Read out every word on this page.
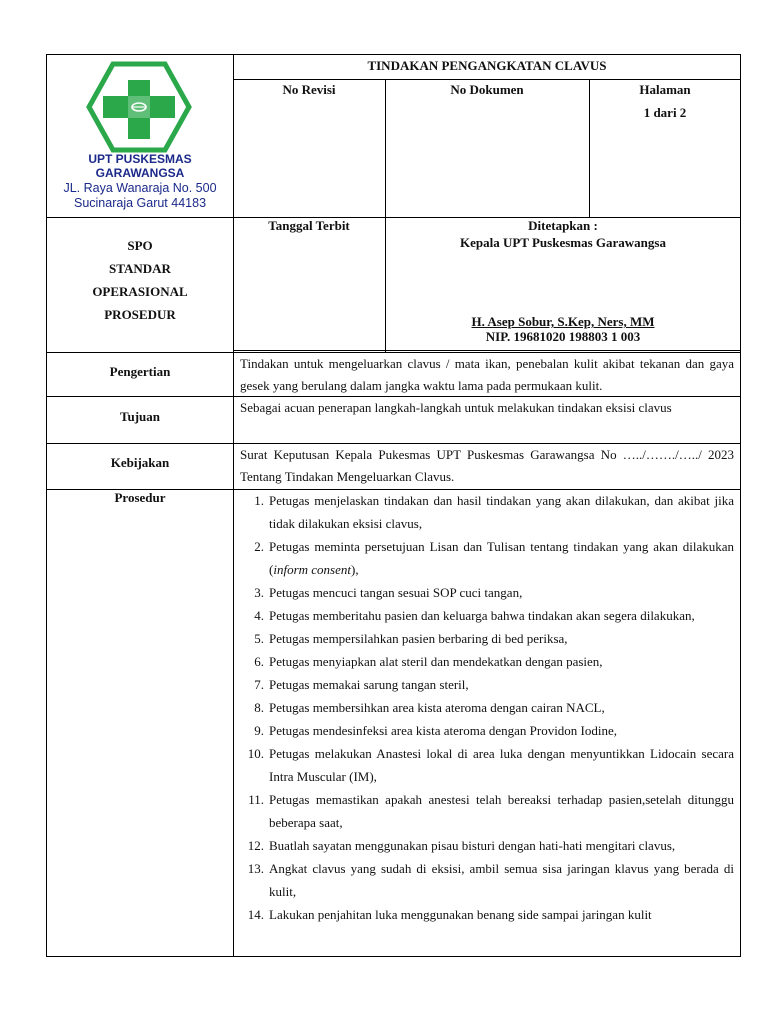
TINDAKAN PENGANGKATAN CLAVUS
No Revisi	No Dokumen	Halaman
1 dari 2
UPT PUSKESMAS
GARAWANGSA
JL. Raya Wanaraja No. 500
Sucinaraja Garut 44183
SPO
STANDAR
OPERASIONAL
PROSEDUR
Tanggal Terbit	Ditetapkan :
Kepala UPT Puskesmas Garawangsa
H. Asep Sobur, S.Kep, Ners, MM
NIP. 19681020 198803 1 003
Pengertian
Tindakan untuk mengeluarkan clavus / mata ikan, penebalan kulit akibat tekanan dan gaya gesek yang berulang dalam jangka waktu lama pada permukaan kulit.
Tujuan
Sebagai acuan penerapan langkah-langkah untuk melakukan tindakan eksisi clavus
Kebijakan
Surat Keputusan Kepala Pukesmas UPT Puskesmas Garawangsa No …../……./…../ 2023 Tentang Tindakan Mengeluarkan Clavus.
Prosedur	1. Petugas menjelaskan tindakan dan hasil tindakan yang akan dilakukan, dan akibat jika tidak dilakukan eksisi clavus,
2. Petugas meminta persetujuan Lisan dan Tulisan tentang tindakan yang akan dilakukan (inform consent),
3. Petugas mencuci tangan sesuai SOP cuci tangan,
4. Petugas memberitahu pasien dan keluarga bahwa tindakan akan segera dilakukan,
5. Petugas mempersilahkan pasien berbaring di bed periksa,
6. Petugas menyiapkan alat steril dan mendekatkan dengan pasien,
7. Petugas memakai sarung tangan steril,
8. Petugas membersihkan area kista ateroma dengan cairan NACL,
9. Petugas mendesinfeksi area kista ateroma dengan Providon Iodine,
10. Petugas melakukan Anastesi lokal di area luka dengan menyuntikkan Lidocain secara Intra Muscular (IM),
11. Petugas memastikan apakah anestesi telah bereaksi terhadap pasien,setelah ditunggu beberapa saat,
12. Buatlah sayatan menggunakan pisau bisturi dengan hati-hati mengitari clavus,
13. Angkat clavus yang sudah di eksisi, ambil semua sisa jaringan klavus yang berada di kulit,
14. Lakukan penjahitan luka menggunakan benang side sampai jaringan kulit
